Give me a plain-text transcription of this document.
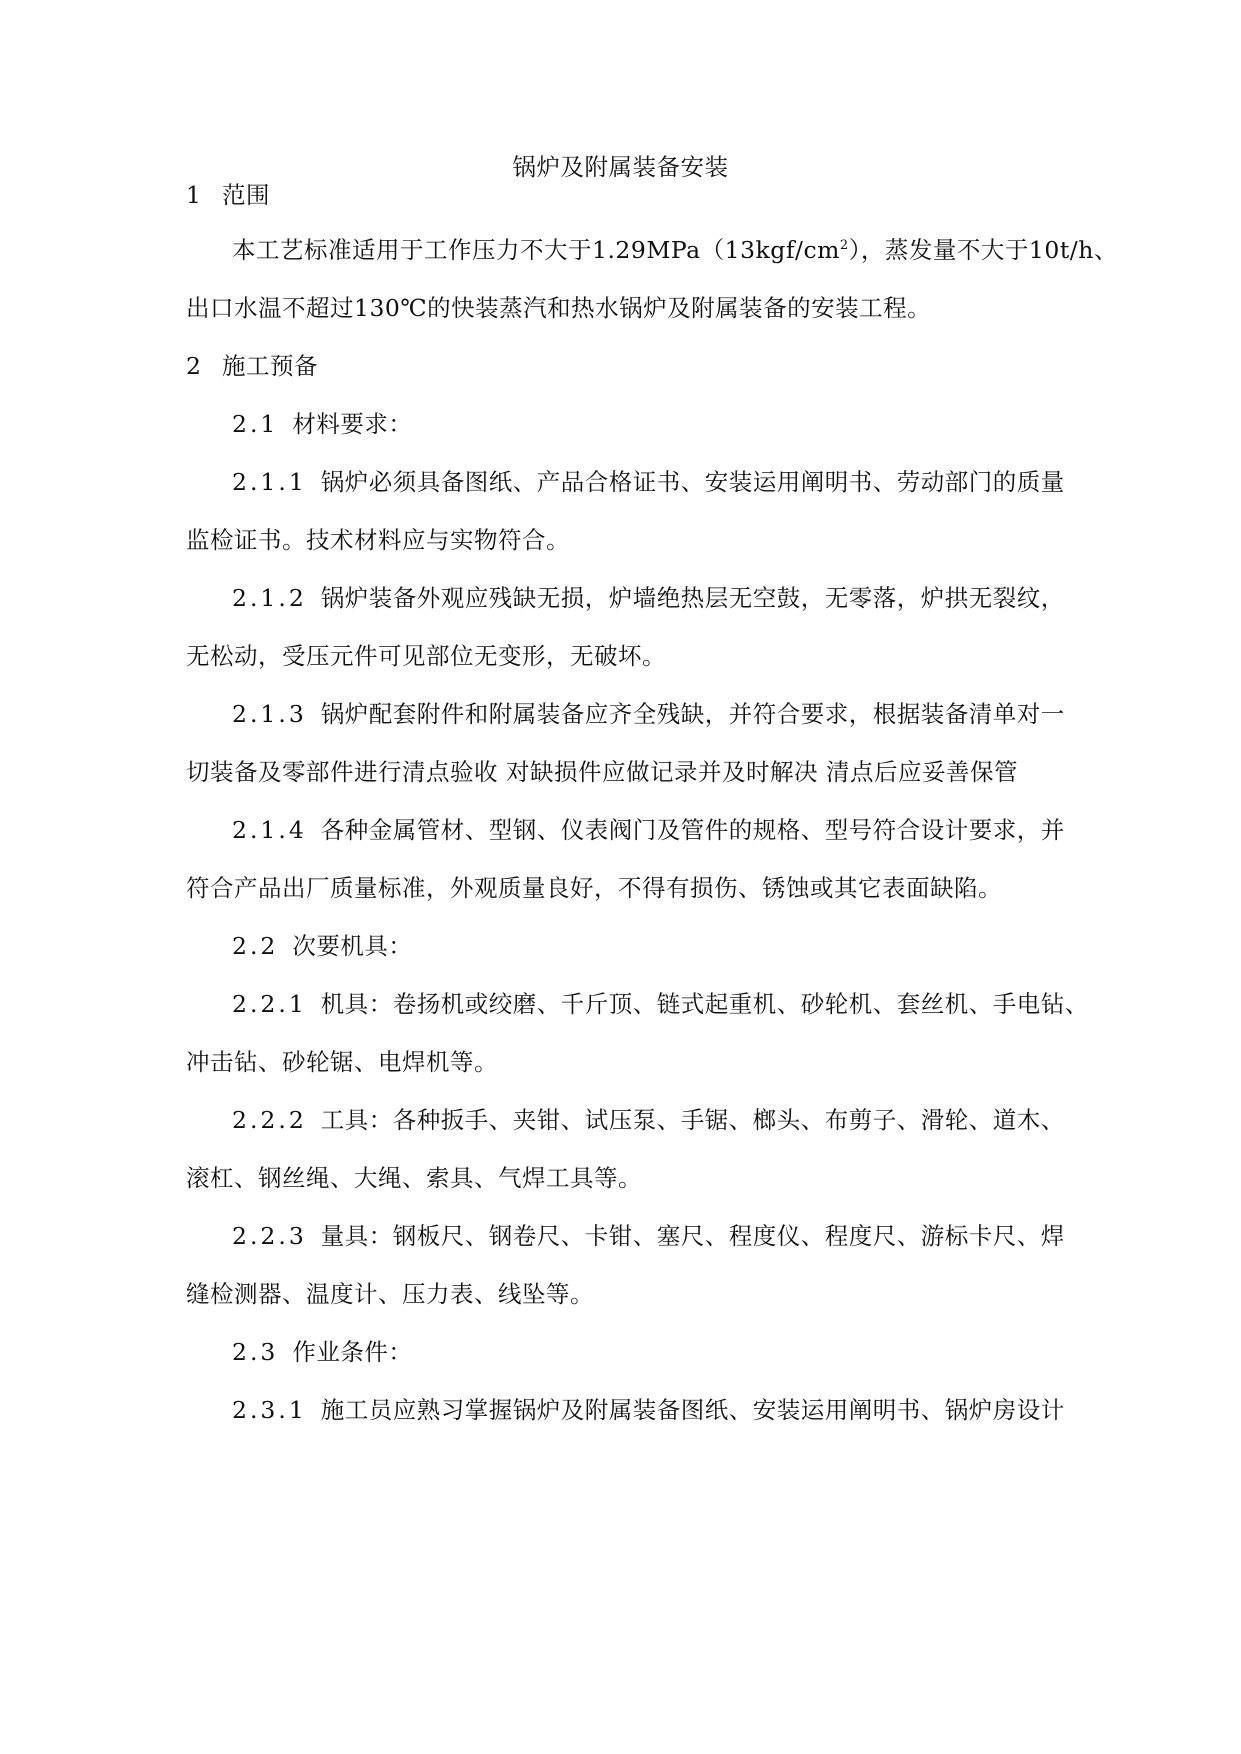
锅炉及附属装备安装
1 范围
本工艺标准适用于工作压力不大于$1.29MPa(13kgf/cm^2)$，蒸发量不大于10t/h、
出口水温不超过130℃的快装蒸汽和热水锅炉及附属装备的安装工程。
2 施工预备
2.1 材料要求：
2.1.1 锅炉必须具备图纸、产品合格证书、安装运用阐明书、劳动部门的质量
监检证书。技术材料应与实物符合。
2.1.2 锅炉装备外观应残缺无损，炉墙绝热层无空鼓，无零落，炉拱无裂纹，
无松动，受压元件可见部位无变形，无破坏。
2.1.3 锅炉配套附件和附属装备应齐全残缺，并符合要求，根据装备清单对一
切装备及零部件进行清点验收 对缺损件应做记录并及时解决 清点后应妥善保管
2.1.4 各种金属管材、型钢、仪表阀门及管件的规格、型号符合设计要求，并
符合产品出厂质量标准，外观质量良好，不得有损伤、锈蚀或其它表面缺陷。
2.2 次要机具：
2.2.1 机具：卷扬机或绞磨、千斤顶、链式起重机、砂轮机、套丝机、手电钻、
冲击钻、砂轮锯、电焊机等。
2.2.2 工具：各种扳手、夹钳、试压泵、手锯、榔头、布剪子、滑轮、道木、
滚杠、钢丝绳、大绳、索具、气焊工具等。
2.2.3 量具：钢板尺、钢卷尺、卡钳、塞尺、程度仪、程度尺、游标卡尺、焊
缝检测器、温度计、压力表、线坠等。
2.3 作业条件：
2.3.1 施工员应熟习掌握锅炉及附属装备图纸、安装运用阐明书、锅炉房设计
